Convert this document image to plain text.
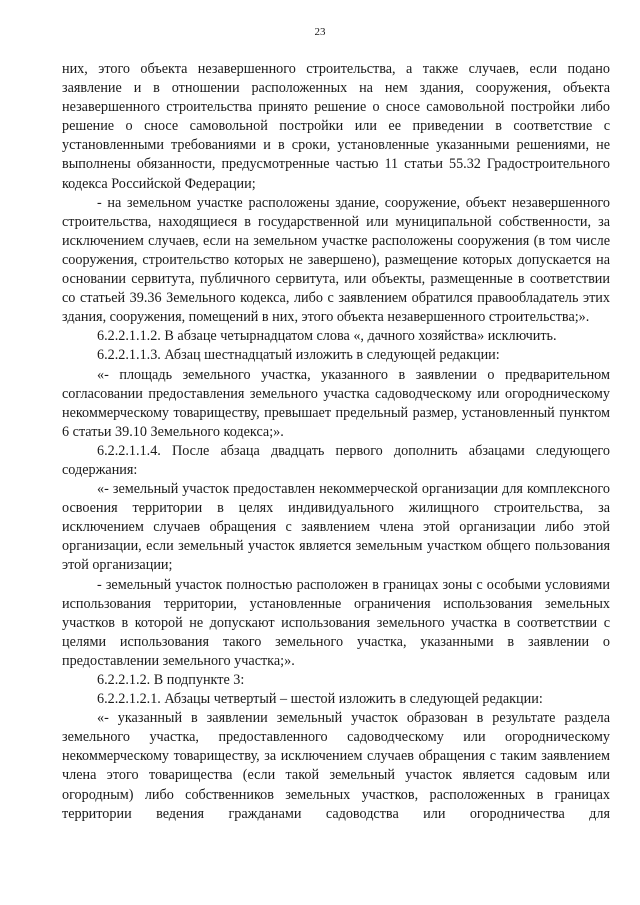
23

них, этого объекта незавершенного строительства, а также случаев, если подано заявление и в отношении расположенных на нем здания, сооружения, объекта незавершенного строительства принято решение о сносе самовольной постройки либо решение о сносе самовольной постройки или ее приведении в соответствие с установленными требованиями и в сроки, установленные указанными решениями, не выполнены обязанности, предусмотренные частью 11 статьи 55.32 Градостроительного кодекса Российской Федерации;

- на земельном участке расположены здание, сооружение, объект незавершенного строительства, находящиеся в государственной или муниципальной собственности, за исключением случаев, если на земельном участке расположены сооружения (в том числе сооружения, строительство которых не завершено), размещение которых допускается на основании сервитута, публичного сервитута, или объекты, размещенные в соответствии со статьей 39.36 Земельного кодекса, либо с заявлением обратился правообладатель этих здания, сооружения, помещений в них, этого объекта незавершенного строительства;».

6.2.2.1.1.2. В абзаце четырнадцатом слова «, дачного хозяйства» исключить.

6.2.2.1.1.3. Абзац шестнадцатый изложить в следующей редакции:

«- площадь земельного участка, указанного в заявлении о предварительном согласовании предоставления земельного участка садоводческому или огородническому некоммерческому товариществу, превышает предельный размер, установленный пунктом 6 статьи 39.10 Земельного кодекса;».

6.2.2.1.1.4. После абзаца двадцать первого дополнить абзацами следующего содержания:

«- земельный участок предоставлен некоммерческой организации для комплексного освоения территории в целях индивидуального жилищного строительства, за исключением случаев обращения с заявлением члена этой организации либо этой организации, если земельный участок является земельным участком общего пользования этой организации;

- земельный участок полностью расположен в границах зоны с особыми условиями использования территории, установленные ограничения использования земельных участков в которой не допускают использования земельного участка в соответствии с целями использования такого земельного участка, указанными в заявлении о предоставлении земельного участка;».

6.2.2.1.2. В подпункте 3:

6.2.2.1.2.1. Абзацы четвертый – шестой изложить в следующей редакции:

«- указанный в заявлении земельный участок образован в результате раздела земельного участка, предоставленного садоводческому или огородническому некоммерческому товариществу, за исключением случаев обращения с таким заявлением члена этого товарищества (если такой земельный участок является садовым или огородным) либо собственников земельных участков, расположенных в границах территории ведения гражданами садоводства или огородничества для
